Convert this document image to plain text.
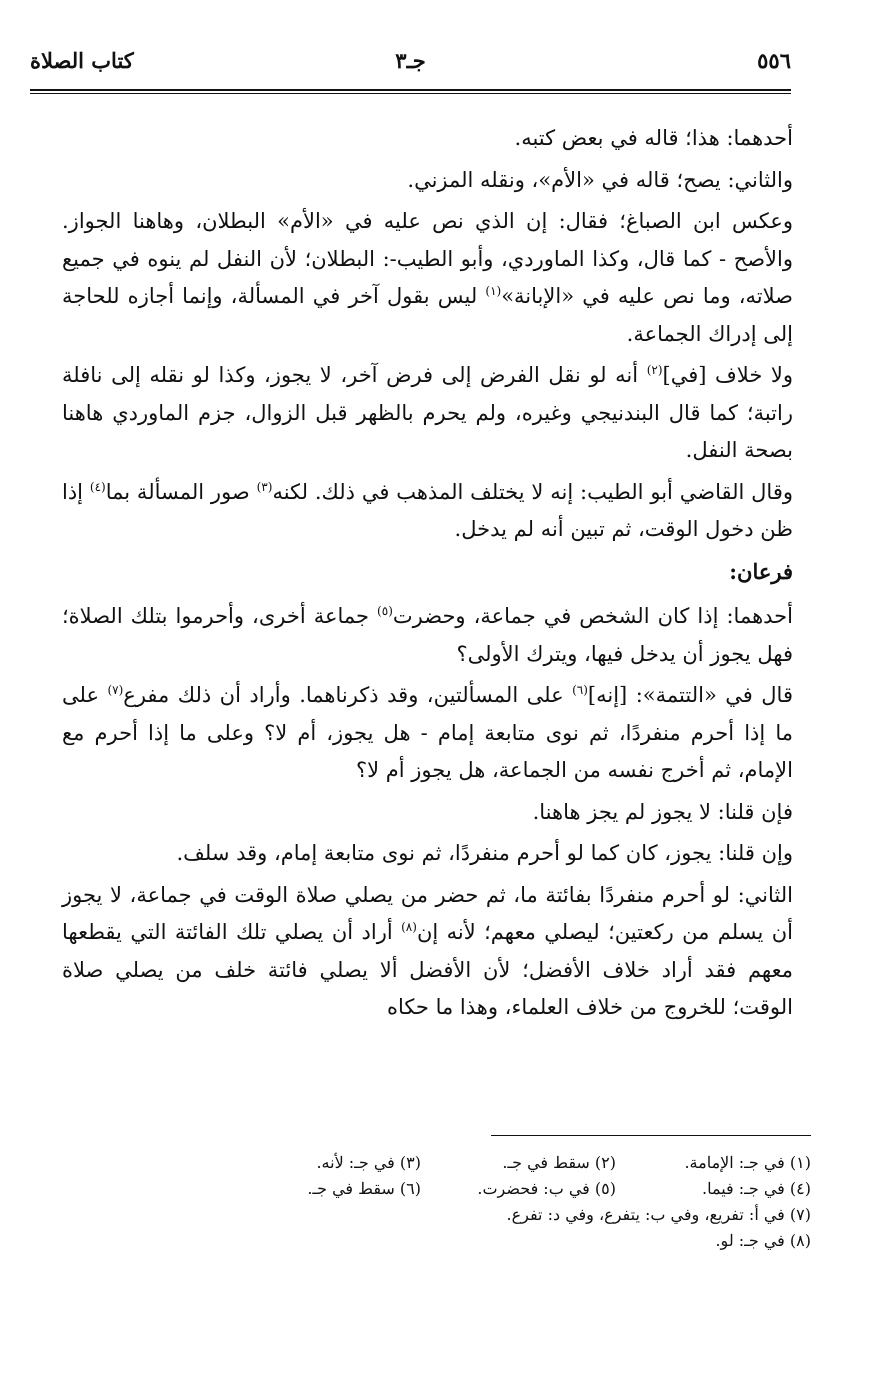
٥٥٦
جـ٣
كتاب الصلاة

أحدهما: هذا؛ قاله في بعض كتبه.

والثاني: يصح؛ قاله في «الأم»، ونقله المزني.

وعكس ابن الصباغ؛ فقال: إن الذي نص عليه في «الأم» البطلان، وهاهنا الجواز. والأصح - كما قال، وكذا الماوردي، وأبو الطيب-: البطلان؛ لأن النفل لم ينوه في جميع صلاته، وما نص عليه في «الإبانة»$^{(١)}$ ليس بقول آخر في المسألة، وإنما أجازه للحاجة إلى إدراك الجماعة.

ولا خلاف [في]$^{(٢)}$ أنه لو نقل الفرض إلى فرض آخر، لا يجوز، وكذا لو نقله إلى نافلة راتبة؛ كما قال البندنيجي وغيره، ولم يحرم بالظهر قبل الزوال، جزم الماوردي هاهنا بصحة النفل.

وقال القاضي أبو الطيب: إنه لا يختلف المذهب في ذلك. لكنه$^{(٣)}$ صور المسألة بما$^{(٤)}$ إذا ظن دخول الوقت، ثم تبين أنه لم يدخل.

فرعان:

أحدهما: إذا كان الشخص في جماعة، وحضرت$^{(٥)}$ جماعة أخرى، وأحرموا بتلك الصلاة؛ فهل يجوز أن يدخل فيها، ويترك الأولى؟

قال في «التتمة»: [إنه]$^{(٦)}$ على المسألتين، وقد ذكرناهما. وأراد أن ذلك مفرع$^{(٧)}$ على ما إذا أحرم منفردًا، ثم نوى متابعة إمام - هل يجوز، أم لا؟ وعلى ما إذا أحرم مع الإمام، ثم أخرج نفسه من الجماعة، هل يجوز أم لا؟

فإن قلنا: لا يجوز لم يجز هاهنا.

وإن قلنا: يجوز، كان كما لو أحرم منفردًا، ثم نوى متابعة إمام، وقد سلف.

الثاني: لو أحرم منفردًا بفائتة ما، ثم حضر من يصلي صلاة الوقت في جماعة، لا يجوز أن يسلم من ركعتين؛ ليصلي معهم؛ لأنه إن$^{(٨)}$ أراد أن يصلي تلك الفائتة التي يقطعها معهم فقد أراد خلاف الأفضل؛ لأن الأفضل ألا يصلي فائتة خلف من يصلي صلاة الوقت؛ للخروج من خلاف العلماء، وهذا ما حكاه

(١) في جـ: الإمامة.
(٢) سقط في جـ.
(٣) في جـ: لأنه.
(٤) في جـ: فيما.
(٥) في ب: فحضرت.
(٦) سقط في جـ.
(٧) في أ: تفريع، وفي ب: يتفرع، وفي د: تفرع.
(٨) في جـ: لو.
